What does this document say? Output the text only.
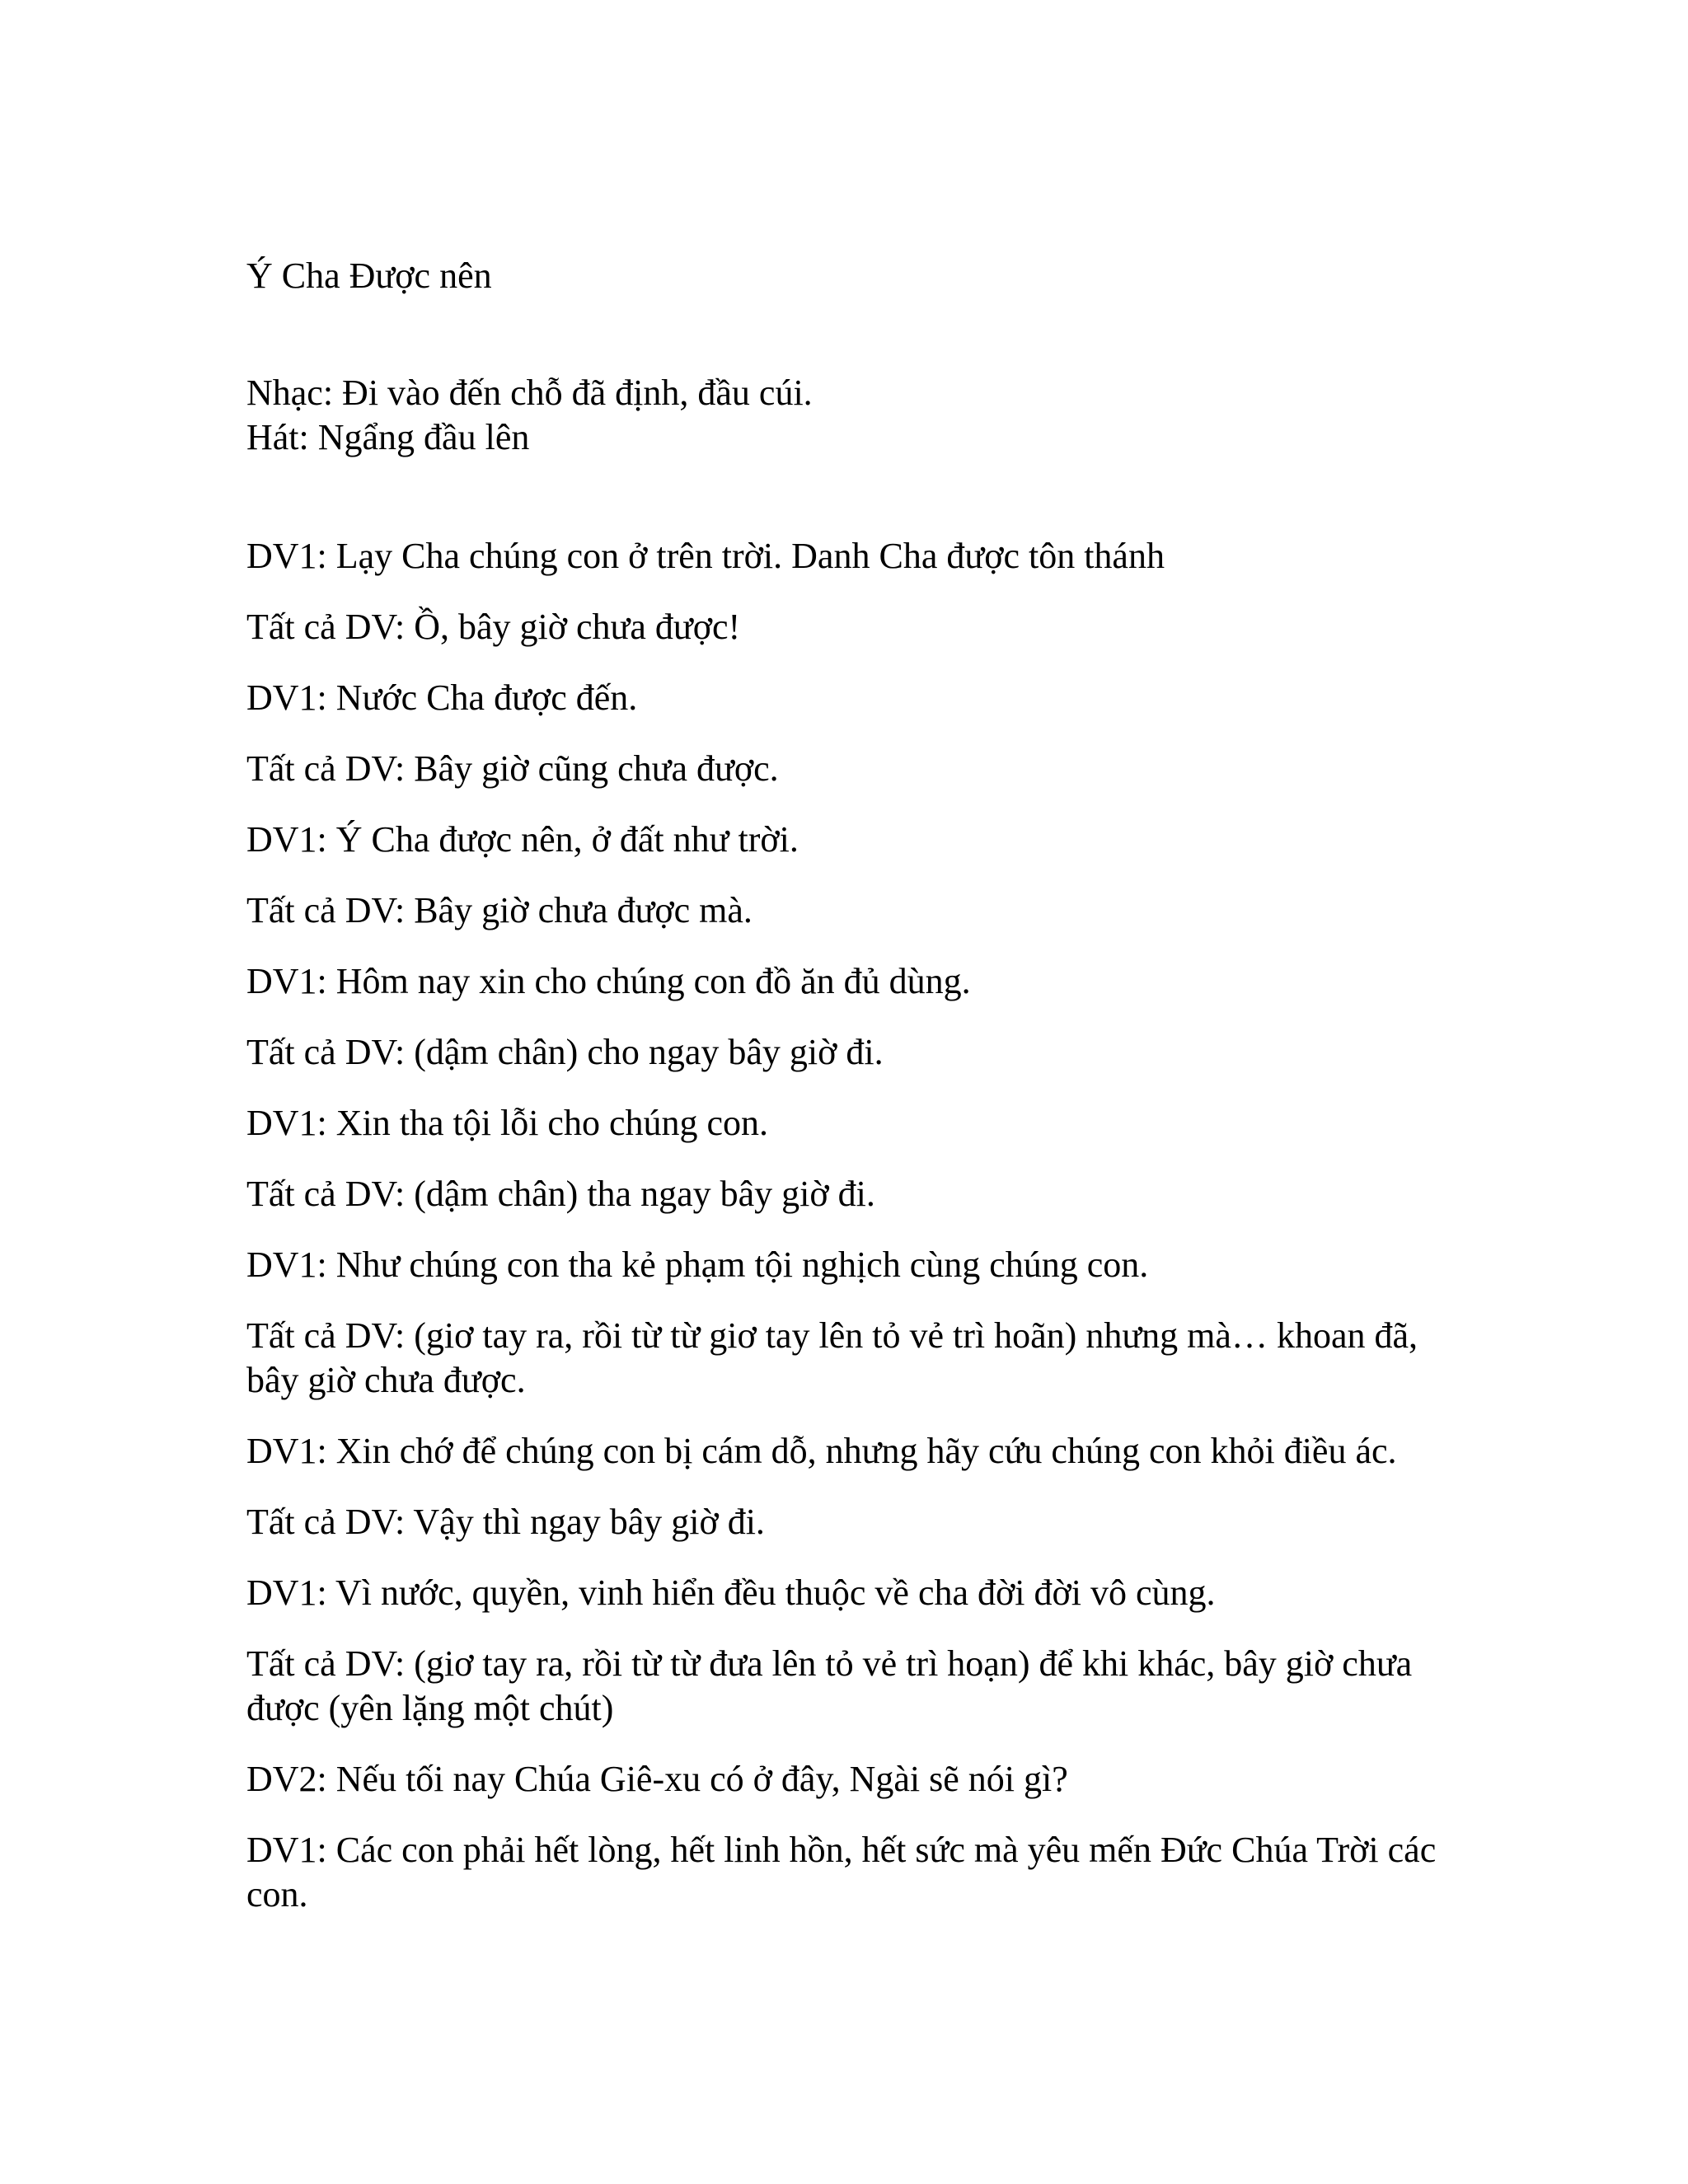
Ý Cha Được nên
Nhạc: Đi vào đến chỗ đã định, đầu cúi.
Hát: Ngẩng đầu lên

DV1: Lạy Cha chúng con ở trên trời. Danh Cha được tôn thánh

Tất cả DV: Ồ, bây giờ chưa được!

DV1: Nước Cha được đến.

Tất cả DV: Bây giờ cũng chưa được.

DV1: Ý Cha được nên, ở đất như trời.

Tất cả DV: Bây giờ chưa được mà.

DV1: Hôm nay xin cho chúng con đồ ăn đủ dùng.

Tất cả DV: (dậm chân) cho ngay bây giờ đi.

DV1: Xin tha tội lỗi cho chúng con.

Tất cả DV: (dậm chân) tha ngay bây giờ đi.

DV1: Như chúng con tha kẻ phạm tội nghịch cùng chúng con.

Tất cả DV: (giơ tay ra, rồi từ từ giơ tay lên tỏ vẻ trì hoãn) nhưng mà… khoan đã, bây giờ chưa được.

DV1: Xin chớ để chúng con bị cám dỗ, nhưng hãy cứu chúng con khỏi điều ác.

Tất cả DV: Vậy thì ngay bây giờ đi.

DV1: Vì nước, quyền, vinh hiển đều thuộc về cha đời đời vô cùng.

Tất cả DV: (giơ tay ra, rồi từ từ đưa lên tỏ vẻ trì hoạn) để khi khác, bây giờ chưa được (yên lặng một chút)

DV2: Nếu tối nay Chúa Giê-xu có ở đây, Ngài sẽ nói gì?

DV1: Các con phải hết lòng, hết linh hồn, hết sức mà yêu mến Đức Chúa Trời các con.
